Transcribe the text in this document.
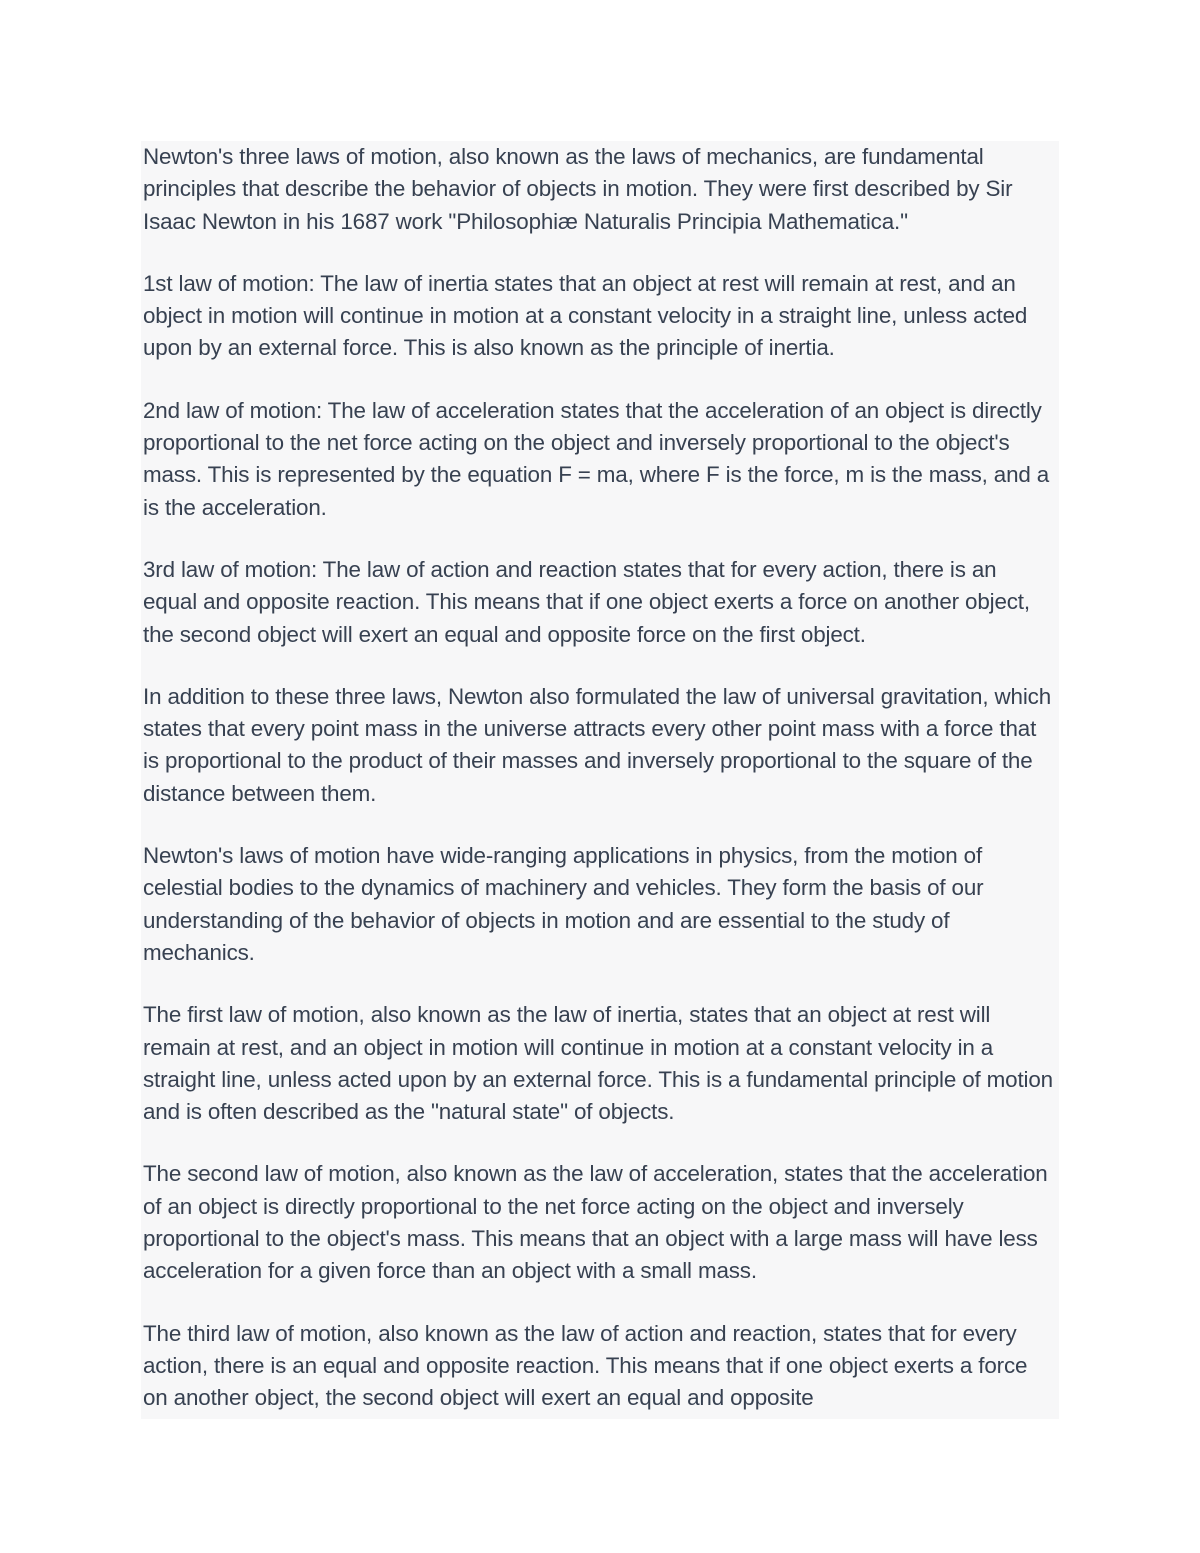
Newton's three laws of motion, also known as the laws of mechanics, are fundamental principles that describe the behavior of objects in motion. They were first described by Sir Isaac Newton in his 1687 work "Philosophiæ Naturalis Principia Mathematica."

1st law of motion: The law of inertia states that an object at rest will remain at rest, and an object in motion will continue in motion at a constant velocity in a straight line, unless acted upon by an external force. This is also known as the principle of inertia.

2nd law of motion: The law of acceleration states that the acceleration of an object is directly proportional to the net force acting on the object and inversely proportional to the object's mass. This is represented by the equation F = ma, where F is the force, m is the mass, and a is the acceleration.

3rd law of motion: The law of action and reaction states that for every action, there is an equal and opposite reaction. This means that if one object exerts a force on another object, the second object will exert an equal and opposite force on the first object.

In addition to these three laws, Newton also formulated the law of universal gravitation, which states that every point mass in the universe attracts every other point mass with a force that is proportional to the product of their masses and inversely proportional to the square of the distance between them.

Newton's laws of motion have wide-ranging applications in physics, from the motion of celestial bodies to the dynamics of machinery and vehicles. They form the basis of our understanding of the behavior of objects in motion and are essential to the study of mechanics.

The first law of motion, also known as the law of inertia, states that an object at rest will remain at rest, and an object in motion will continue in motion at a constant velocity in a straight line, unless acted upon by an external force. This is a fundamental principle of motion and is often described as the "natural state" of objects.

The second law of motion, also known as the law of acceleration, states that the acceleration of an object is directly proportional to the net force acting on the object and inversely proportional to the object's mass. This means that an object with a large mass will have less acceleration for a given force than an object with a small mass.

The third law of motion, also known as the law of action and reaction, states that for every action, there is an equal and opposite reaction. This means that if one object exerts a force on another object, the second object will exert an equal and opposite
